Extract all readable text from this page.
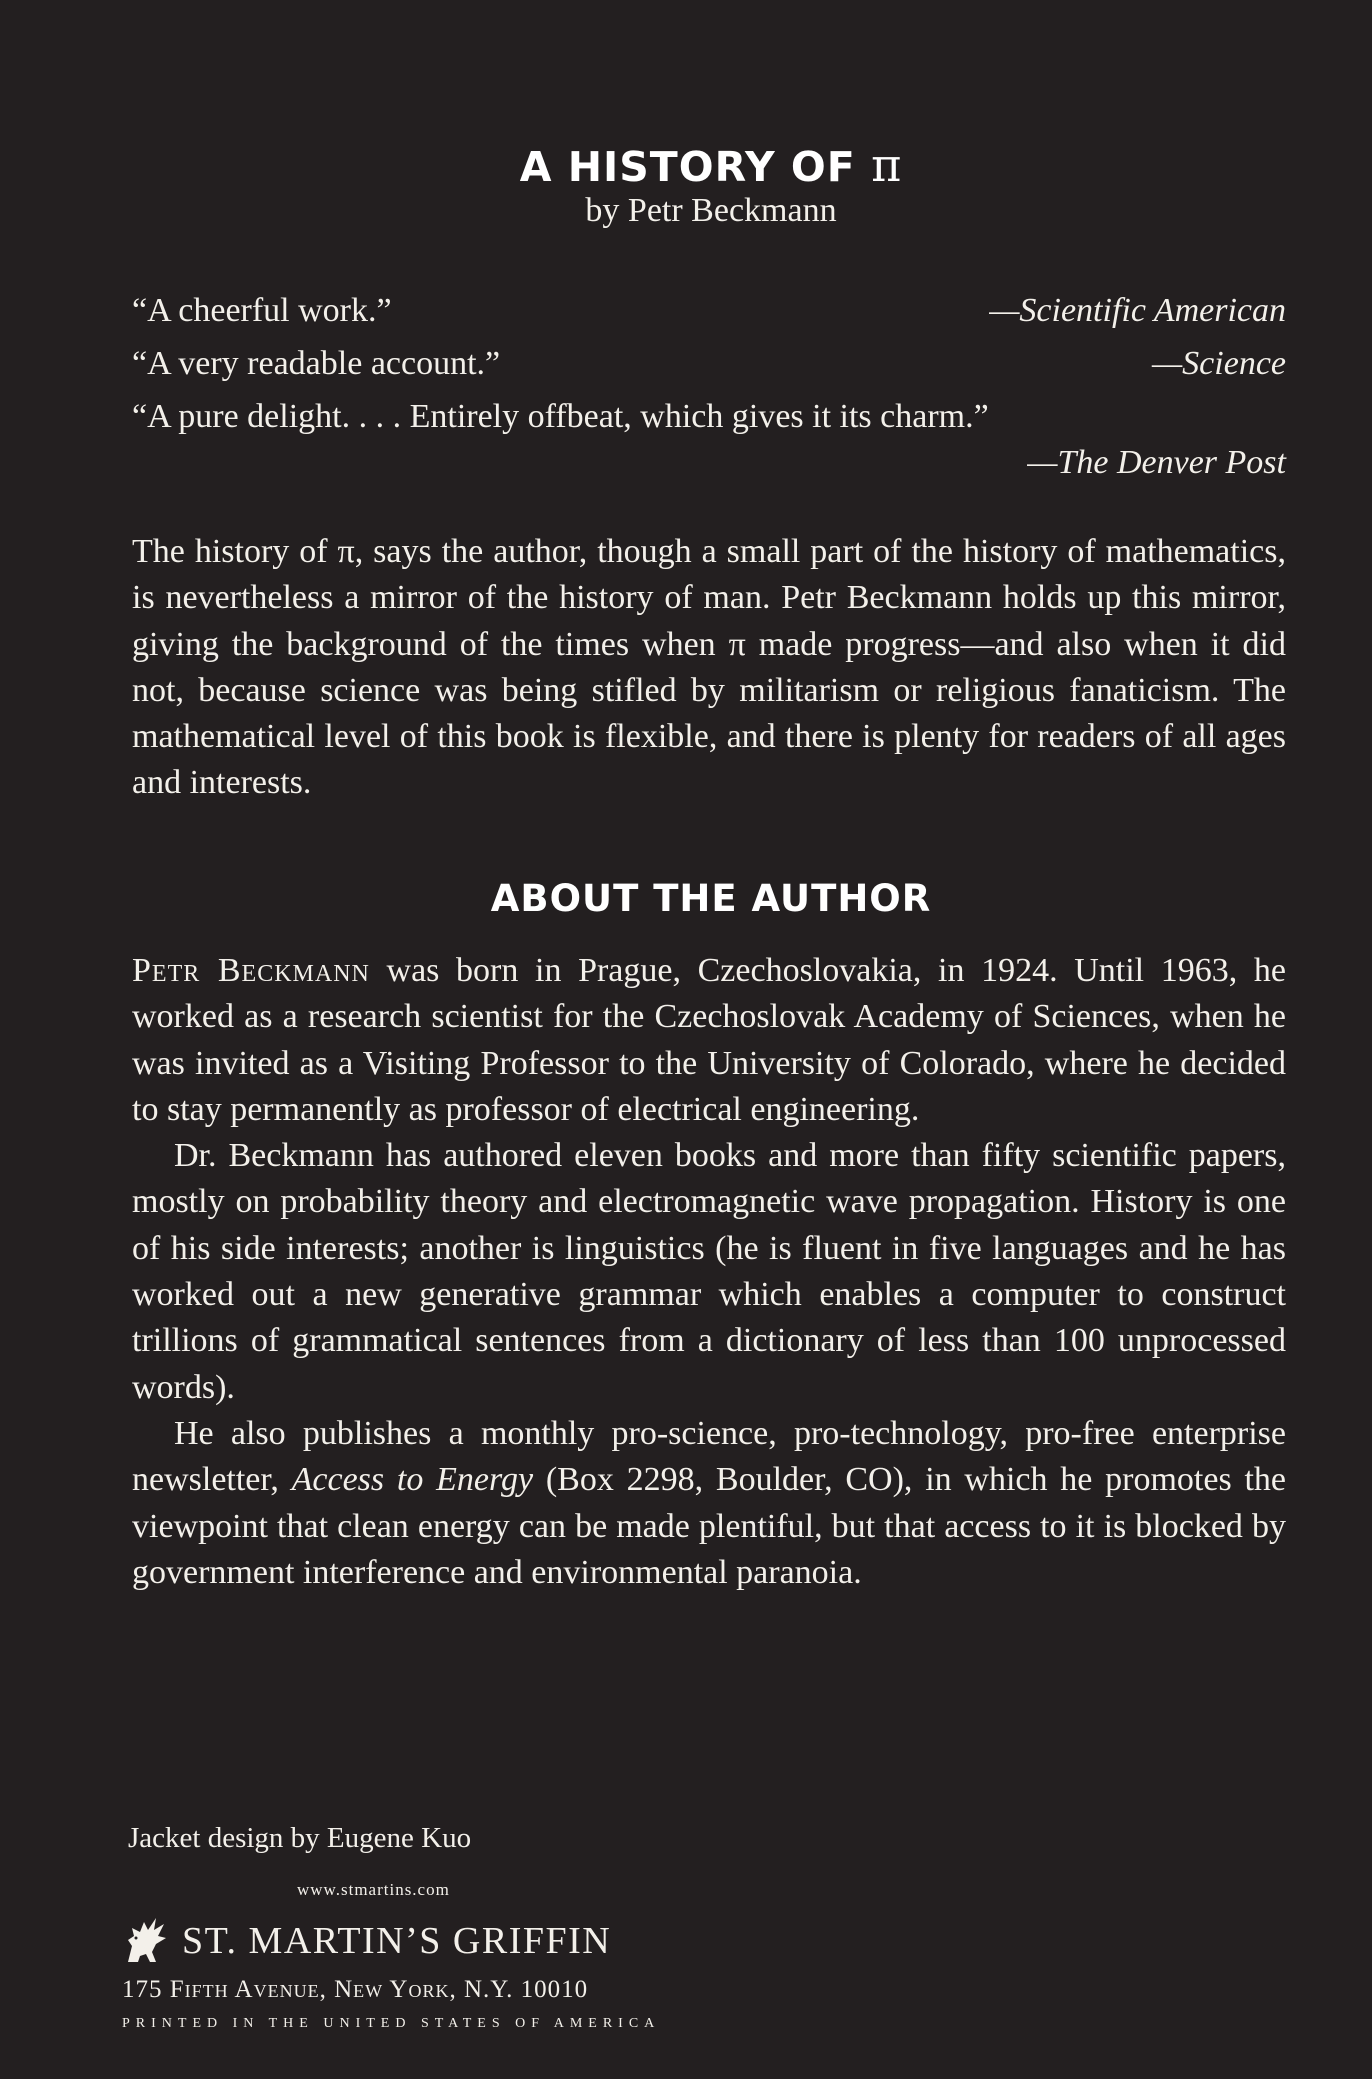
A HISTORY OF π
by Petr Beckmann
“A cheerful work.”	—Scientific American
“A very readable account.”	—Science
“A pure delight. . . . Entirely offbeat, which gives it its charm.”
—The Denver Post

The history of π, says the author, though a small part of the history of mathematics, is nevertheless a mirror of the history of man. Petr Beckmann holds up this mirror, giving the background of the times when π made progress—and also when it did not, because science was being stifled by militarism or religious fanaticism. The mathematical level of this book is flexible, and there is plenty for readers of all ages and interests.

ABOUT THE AUTHOR

Petr Beckmann was born in Prague, Czechoslovakia, in 1924. Until 1963, he worked as a research scientist for the Czechoslovak Academy of Sciences, when he was invited as a Visiting Professor to the University of Colorado, where he decided to stay permanently as professor of electrical engineering.

Dr. Beckmann has authored eleven books and more than fifty scientific papers, mostly on probability theory and electromagnetic wave propagation. History is one of his side interests; another is linguistics (he is fluent in five languages and he has worked out a new generative grammar which enables a computer to construct trillions of grammatical sentences from a dictionary of less than 100 unprocessed words).

He also publishes a monthly pro-science, pro-technology, pro-free enterprise newsletter, Access to Energy (Box 2298, Boulder, CO), in which he promotes the viewpoint that clean energy can be made plentiful, but that access to it is blocked by government interference and environmental paranoia.

Jacket design by Eugene Kuo
www.stmartins.com
ST. MARTIN’S GRIFFIN
175 Fifth Avenue, New York, N.Y. 10010
PRINTED IN THE UNITED STATES OF AMERICA
